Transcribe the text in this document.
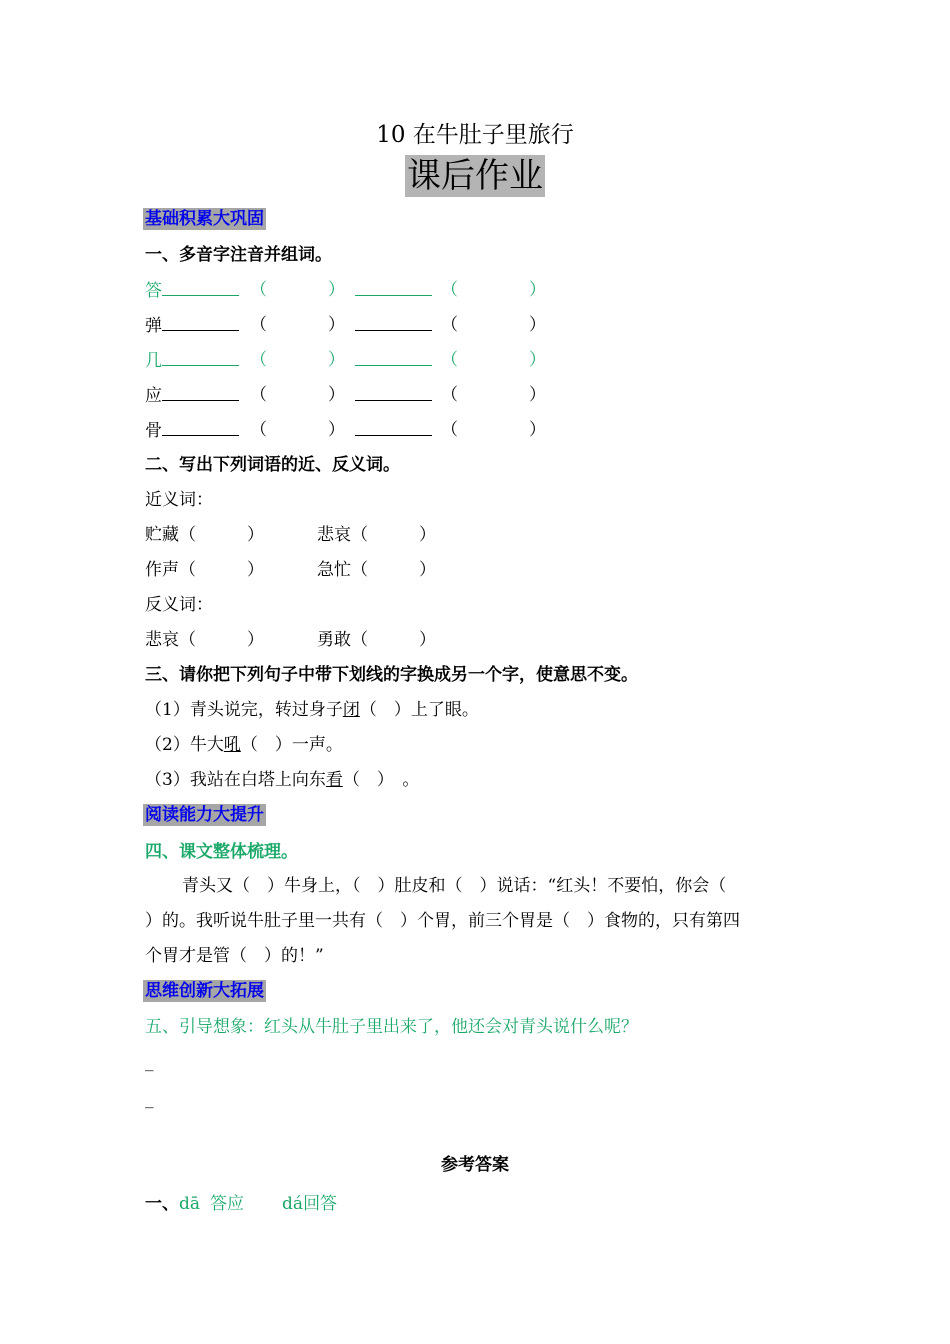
10 在牛肚子里旅行
课后作业
基础积累大巩固
一、多音字注音并组词。
答	（	）	（	）
弹	（	）	（	）
几	（	）	（	）
应	（	）	（	）
骨	（	）	（	）
二、写出下列词语的近、反义词。
近义词：
贮藏（　　　）	悲哀（　　　）
作声（　　　）	急忙（　　　）
反义词：
悲哀（　　　）	勇敢（　　　）
三、请你把下列句子中带下划线的字换成另一个字，使意思不变。
（1）青头说完，转过身子闭（　）上了眼。
（2）牛大吼（　）一声。
（3）我站在白塔上向东看（　）　。
阅读能力大提升
四、课文整体梳理。
青头又（　）牛身上，（　）肚皮和（　）说话：“红头！不要怕，你会（
）的。我听说牛肚子里一共有（　）个胃，前三个胃是（　）食物的，只有第四
个胃才是管（　）的！”
思维创新大拓展
五、引导想象：红头从牛肚子里出来了，他还会对青头说什么呢？
_
_
参考答案
一、dā 答应 dá回答
